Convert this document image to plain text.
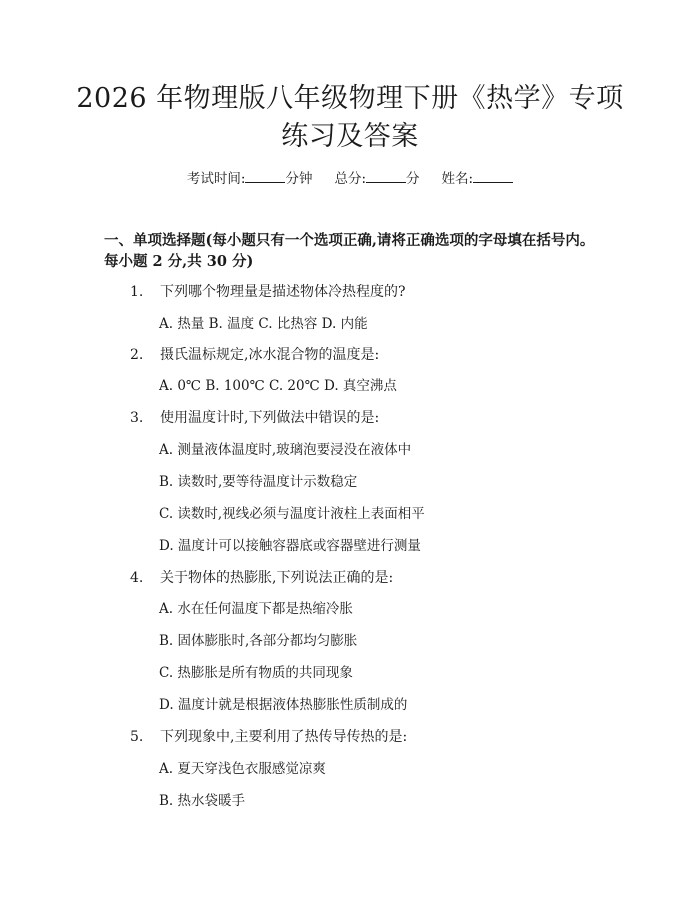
2026 年物理版八年级物理下册《热学》专项
练习及答案
考试时间:	分钟 总分:	分 姓名:
一、单项选择题(每小题只有一个选项正确,请将正确选项的字母填在括号内。
每小题 2 分,共 30 分)
1. 下列哪个物理量是描述物体冷热程度的?
A. 热量 B. 温度 C. 比热容 D. 内能
2. 摄氏温标规定,冰水混合物的温度是:
A. 0℃ B. 100℃ C. 20℃ D. 真空沸点
3. 使用温度计时,下列做法中错误的是:
A. 测量液体温度时,玻璃泡要浸没在液体中
B. 读数时,要等待温度计示数稳定
C. 读数时,视线必须与温度计液柱上表面相平
D. 温度计可以接触容器底或容器壁进行测量
4. 关于物体的热膨胀,下列说法正确的是:
A. 水在任何温度下都是热缩冷胀
B. 固体膨胀时,各部分都均匀膨胀
C. 热膨胀是所有物质的共同现象
D. 温度计就是根据液体热膨胀性质制成的
5. 下列现象中,主要利用了热传导传热的是:
A. 夏天穿浅色衣服感觉凉爽
B. 热水袋暖手
